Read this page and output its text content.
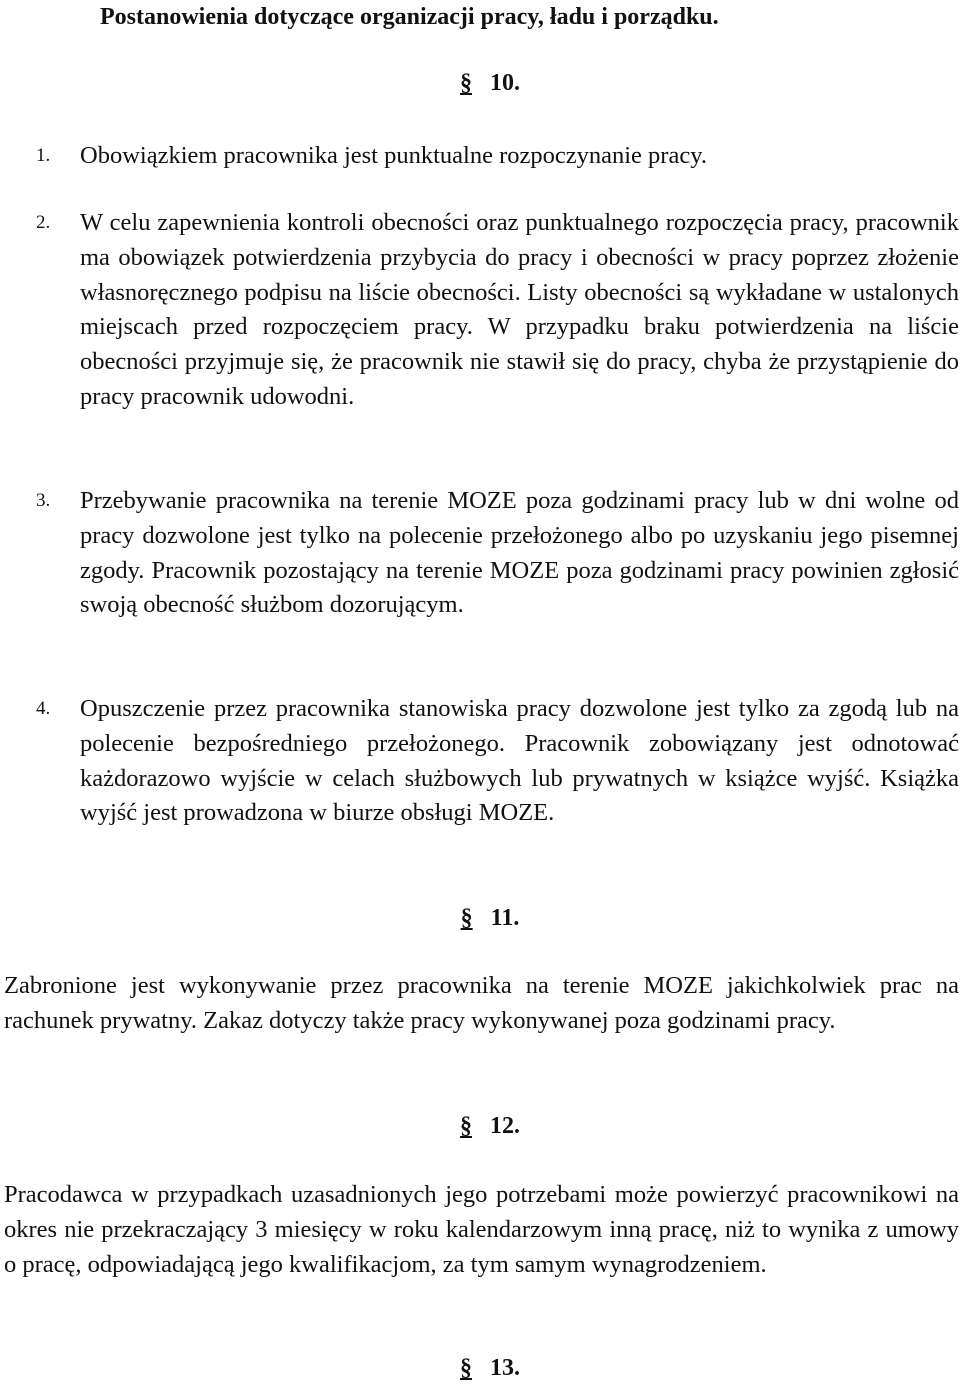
Postanowienia dotyczące organizacji pracy, ładu i porządku.
§ 10.
1.	Obowiązkiem pracownika jest punktualne rozpoczynanie pracy.
2.	W celu zapewnienia kontroli obecności oraz punktualnego rozpoczęcia pracy, pracownik ma obowiązek potwierdzenia przybycia do pracy i obecności w pracy poprzez złożenie własnoręcznego podpisu na liście obecności. Listy obecności są wykładane w ustalonych miejscach przed rozpoczęciem pracy. W przypadku braku potwierdzenia na liście obecności przyjmuje się, że pracownik nie stawił się do pracy, chyba że przystąpienie do pracy pracownik udowodni.
3.	Przebywanie pracownika na terenie MOZE poza godzinami pracy lub w dni wolne od pracy dozwolone jest tylko na polecenie przełożonego albo po uzyskaniu jego pisemnej zgody. Pracownik pozostający na terenie MOZE poza godzinami pracy powinien zgłosić swoją obecność służbom dozorującym.
4.	Opuszczenie przez pracownika stanowiska pracy dozwolone jest tylko za zgodą lub na polecenie bezpośredniego przełożonego. Pracownik zobowiązany jest odnotować każdorazowo wyjście w celach służbowych lub prywatnych w książce wyjść. Książka wyjść jest prowadzona w biurze obsługi MOZE.
§ 11.
Zabronione jest wykonywanie przez pracownika na terenie MOZE jakichkolwiek prac na rachunek prywatny. Zakaz dotyczy także pracy wykonywanej poza godzinami pracy.
§ 12.
Pracodawca w przypadkach uzasadnionych jego potrzebami może powierzyć pracownikowi na okres nie przekraczający 3 miesięcy w roku kalendarzowym inną pracę, niż to wynika z umowy o pracę, odpowiadającą jego kwalifikacjom, za tym samym wynagrodzeniem.
§ 13.
